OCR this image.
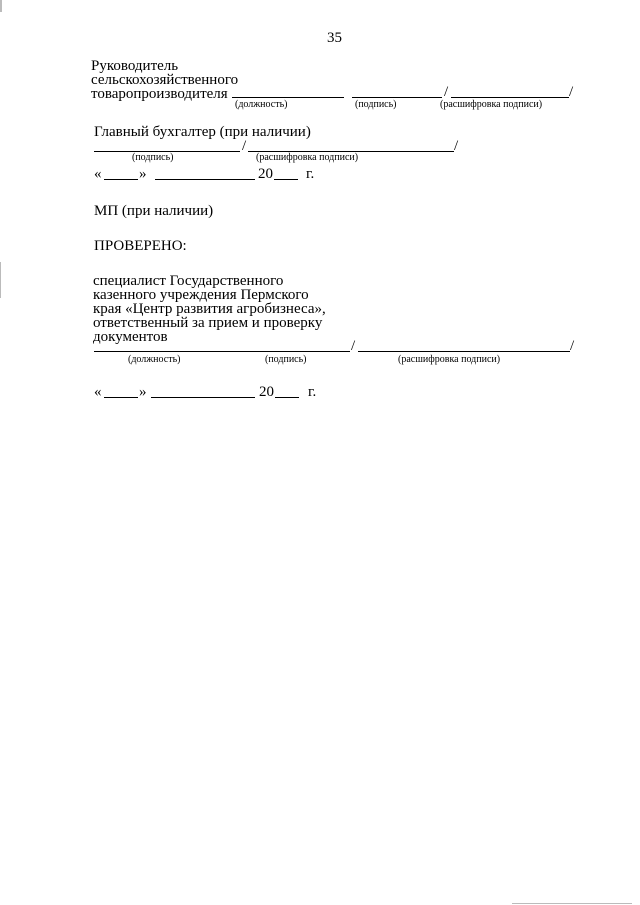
35
Руководитель
сельскохозяйственного
товаропроизводителя	/	/
(должность)	(подпись)	(расшифровка подписи)
Главный бухгалтер (при наличии)
/	/
(подпись)	(расшифровка подписи)
«	»	20 г.
МП (при наличии)
ПРОВЕРЕНО:
специалист Государственного
казенного учреждения Пермского
края «Центр развития агробизнеса»,
ответственный за прием и проверку
документов
/	/
(должность)	(подпись)	(расшифровка подписи)
«	»	20 г.
